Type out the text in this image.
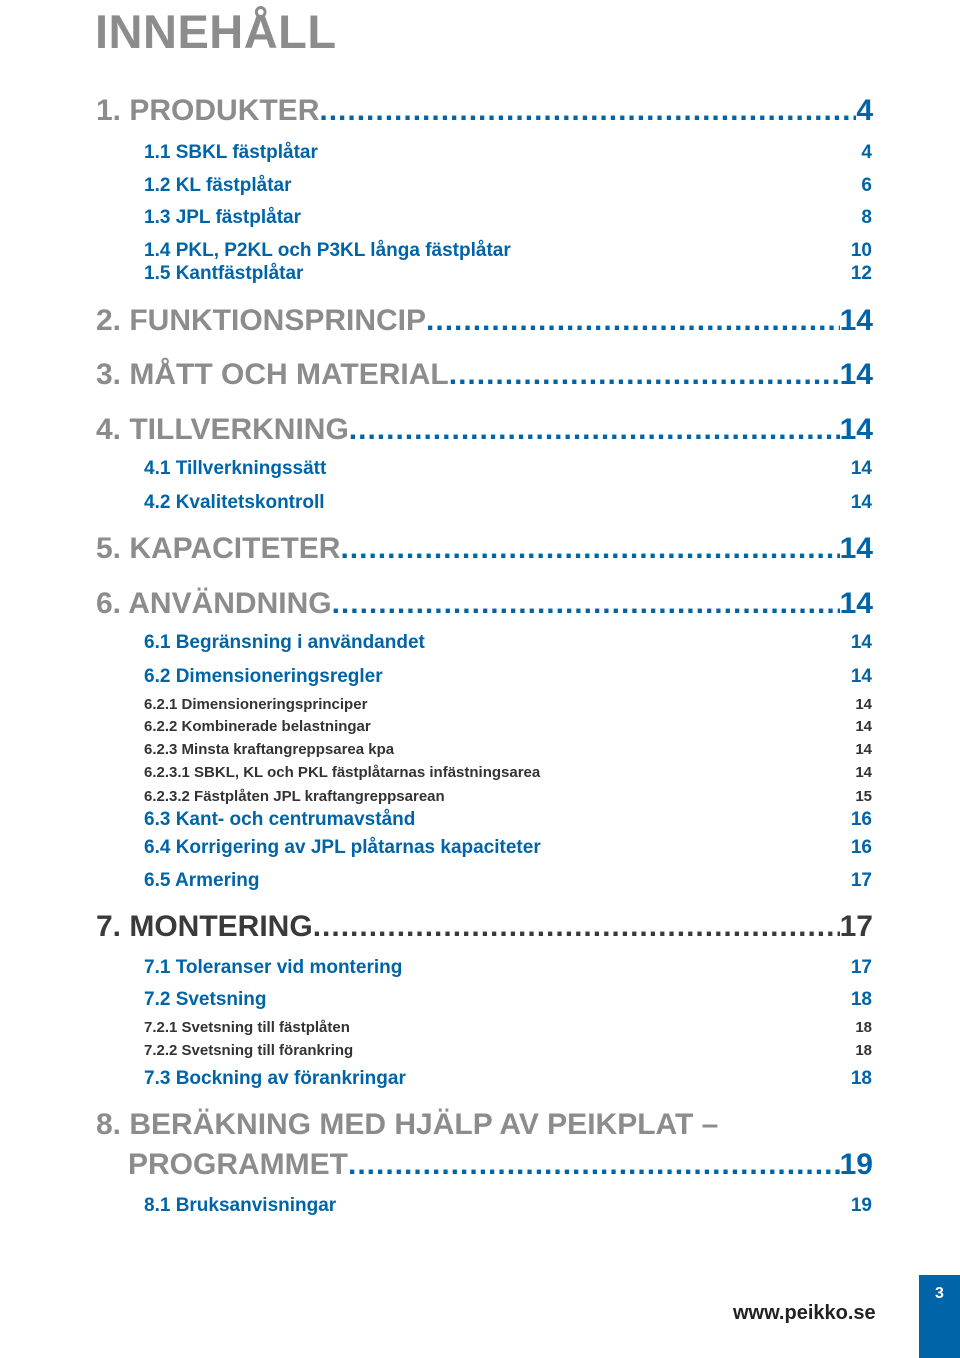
INNEHÅLL
1. PRODUKTER .....	4
1.1 SBKL fästplåtar	4
1.2 KL fästplåtar	6
1.3 JPL fästplåtar	8
1.4 PKL, P2KL och P3KL långa fästplåtar	10
1.5 Kantfästplåtar	12
2. FUNKTIONSPRINCIP .....	14
3. MÅTT OCH MATERIAL .....	14
4. TILLVERKNING .....	14
4.1 Tillverkningssätt	14
4.2 Kvalitetskontroll	14
5. KAPACITETER .....	14
6. ANVÄNDNING .....	14
6.1 Begränsning i användandet	14
6.2 Dimensioneringsregler	14
6.2.1 Dimensioneringsprinciper	14
6.2.2 Kombinerade belastningar	14
6.2.3 Minsta kraftangreppsarea kpa	14
6.2.3.1 SBKL, KL och PKL fästplåtarnas infästningsarea	14
6.2.3.2 Fästplåten JPL kraftangreppsarean	15
6.3 Kant- och centrumavstånd	16
6.4 Korrigering av JPL plåtarnas kapaciteter	16
6.5 Armering	17
7. MONTERING .....	17
7.1 Toleranser vid montering	17
7.2 Svetsning	18
7.2.1 Svetsning till fästplåten	18
7.2.2 Svetsning till förankring	18
7.3 Bockning av förankringar	18
8. BERÄKNING MED HJÄLP AV PEIKPLAT –
PROGRAMMET .....	19
8.1 Bruksanvisningar	19
www.peikko.se
3
